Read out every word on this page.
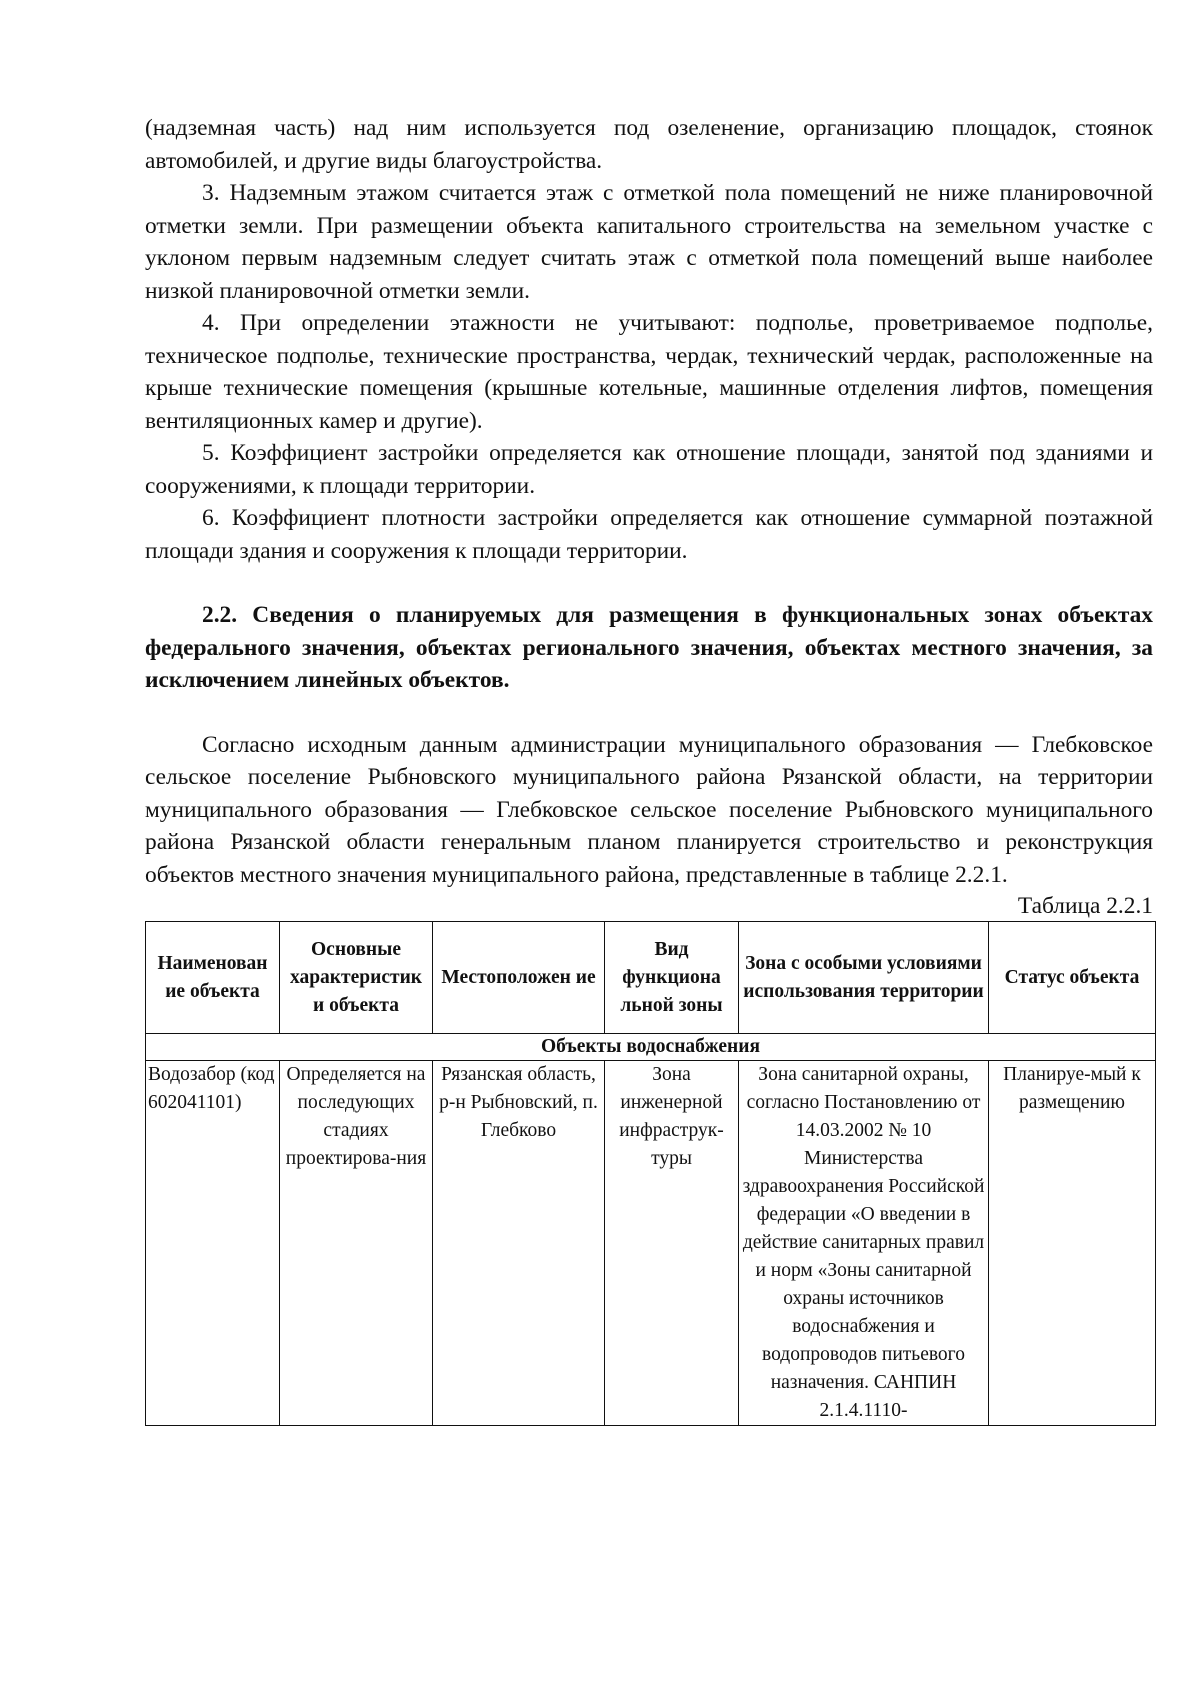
(надземная часть) над ним используется под озеленение, организацию площадок, стоянок автомобилей, и другие виды благоустройства.

3. Надземным этажом считается этаж с отметкой пола помещений не ниже планировочной отметки земли. При размещении объекта капитального строительства на земельном участке с уклоном первым надземным следует считать этаж с отметкой пола помещений выше наиболее низкой планировочной отметки земли.

4. При определении этажности не учитывают: подполье, проветриваемое подполье, техническое подполье, технические пространства, чердак, технический чердак, расположенные на крыше технические помещения (крышные котельные, машинные отделения лифтов, помещения вентиляционных камер и другие).

5. Коэффициент застройки определяется как отношение площади, занятой под зданиями и сооружениями, к площади территории.

6. Коэффициент плотности застройки определяется как отношение суммарной поэтажной площади здания и сооружения к площади территории.

2.2. Сведения о планируемых для размещения в функциональных зонах объектах федерального значения, объектах регионального значения, объектах местного значения, за исключением линейных объектов.

Согласно исходным данным администрации муниципального образования — Глебковское сельское поселение Рыбновского муниципального района Рязанской области, на территории муниципального образования — Глебковское сельское поселение Рыбновского муниципального района Рязанской области генеральным планом планируется строительство и реконструкция объектов местного значения муниципального района, представленные в таблице 2.2.1.

Таблица 2.2.1

Наименован ие объекта	Основные характеристик и объекта	Местоположен ие	Вид функциона льной зоны	Зона с особыми условиями использования территории	Статус объекта
Объекты водоснабжения					
Водозабор (код 602041101)	Определяется на последующих стадиях проектирова-ния	Рязанская область, р-н Рыбновский, п. Глебково	Зона инженерной инфраструк-туры	Зона санитарной охраны, согласно Постановлению от 14.03.2002 № 10 Министерства здравоохранения Российской федерации «О введении в действие санитарных правил и норм «Зоны санитарной охраны источников водоснабжения и водопроводов питьевого назначения. САНПИН 2.1.4.1110-	Планируе-мый к размещению
